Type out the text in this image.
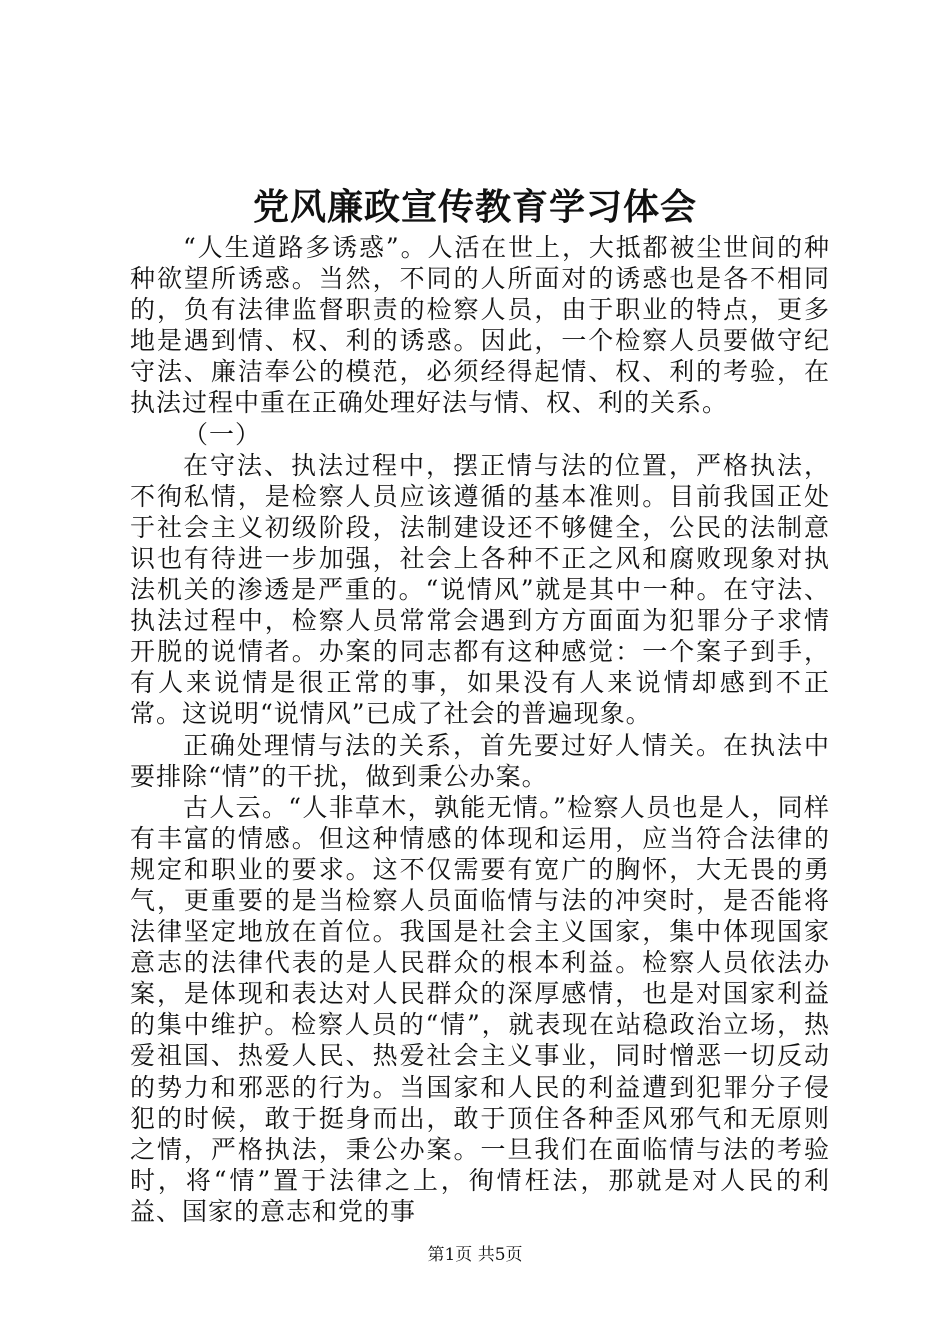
党风廉政宣传教育学习体会

“人生道路多诱惑”。人活在世上，大抵都被尘世间的种种欲望所诱惑。当然，不同的人所面对的诱惑也是各不相同的，负有法律监督职责的检察人员，由于职业的特点，更多地是遇到情、权、利的诱惑。因此，一个检察人员要做守纪守法、廉洁奉公的模范，必须经得起情、权、利的考验，在执法过程中重在正确处理好法与情、权、利的关系。

（一）

在守法、执法过程中，摆正情与法的位置，严格执法，不徇私情，是检察人员应该遵循的基本准则。目前我国正处于社会主义初级阶段，法制建设还不够健全，公民的法制意识也有待进一步加强，社会上各种不正之风和腐败现象对执法机关的渗透是严重的。“说情风”就是其中一种。在守法、执法过程中，检察人员常常会遇到方方面面为犯罪分子求情开脱的说情者。办案的同志都有这种感觉：一个案子到手，有人来说情是很正常的事，如果没有人来说情却感到不正常。这说明“说情风”已成了社会的普遍现象。

正确处理情与法的关系，首先要过好人情关。在执法中要排除“情”的干扰，做到秉公办案。

古人云。“人非草木，孰能无情。”检察人员也是人，同样有丰富的情感。但这种情感的体现和运用，应当符合法律的规定和职业的要求。这不仅需要有宽广的胸怀，大无畏的勇气，更重要的是当检察人员面临情与法的冲突时，是否能将法律坚定地放在首位。我国是社会主义国家，集中体现国家意志的法律代表的是人民群众的根本利益。检察人员依法办案，是体现和表达对人民群众的深厚感情，也是对国家利益的集中维护。检察人员的“情”，就表现在站稳政治立场，热爱祖国、热爱人民、热爱社会主义事业，同时憎恶一切反动的势力和邪恶的行为。当国家和人民的利益遭到犯罪分子侵犯的时候，敢于挺身而出，敢于顶住各种歪风邪气和无原则之情，严格执法，秉公办案。一旦我们在面临情与法的考验时，将“情”置于法律之上，徇情枉法，那就是对人民的利益、国家的意志和党的事

第1页 共5页
